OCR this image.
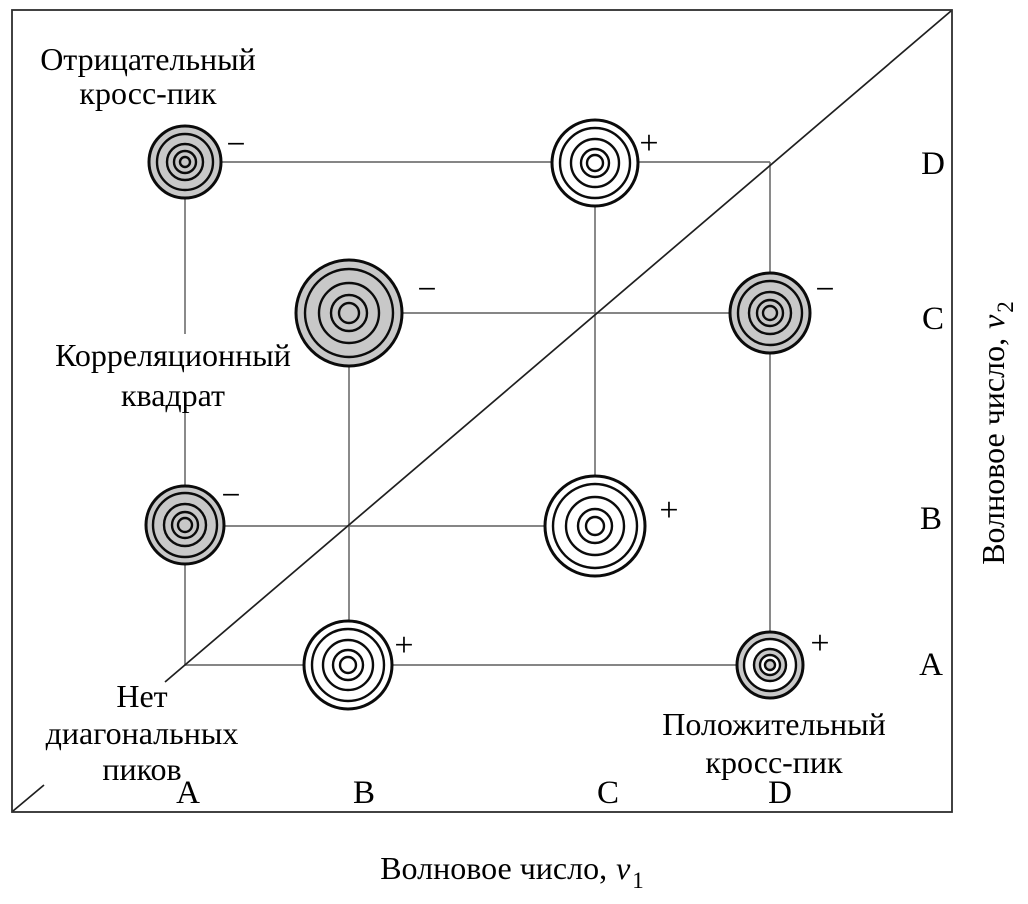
−	+
−	−
−	+
+	+
A	B	C	D
D
C
B
A
Отрицательный
кросс-пик
Корреляционный
квадрат
Нет
диагональных
пиков
Положительный
кросс-пик
Волновое число, $v_1$
Волновое $число,v_2$
